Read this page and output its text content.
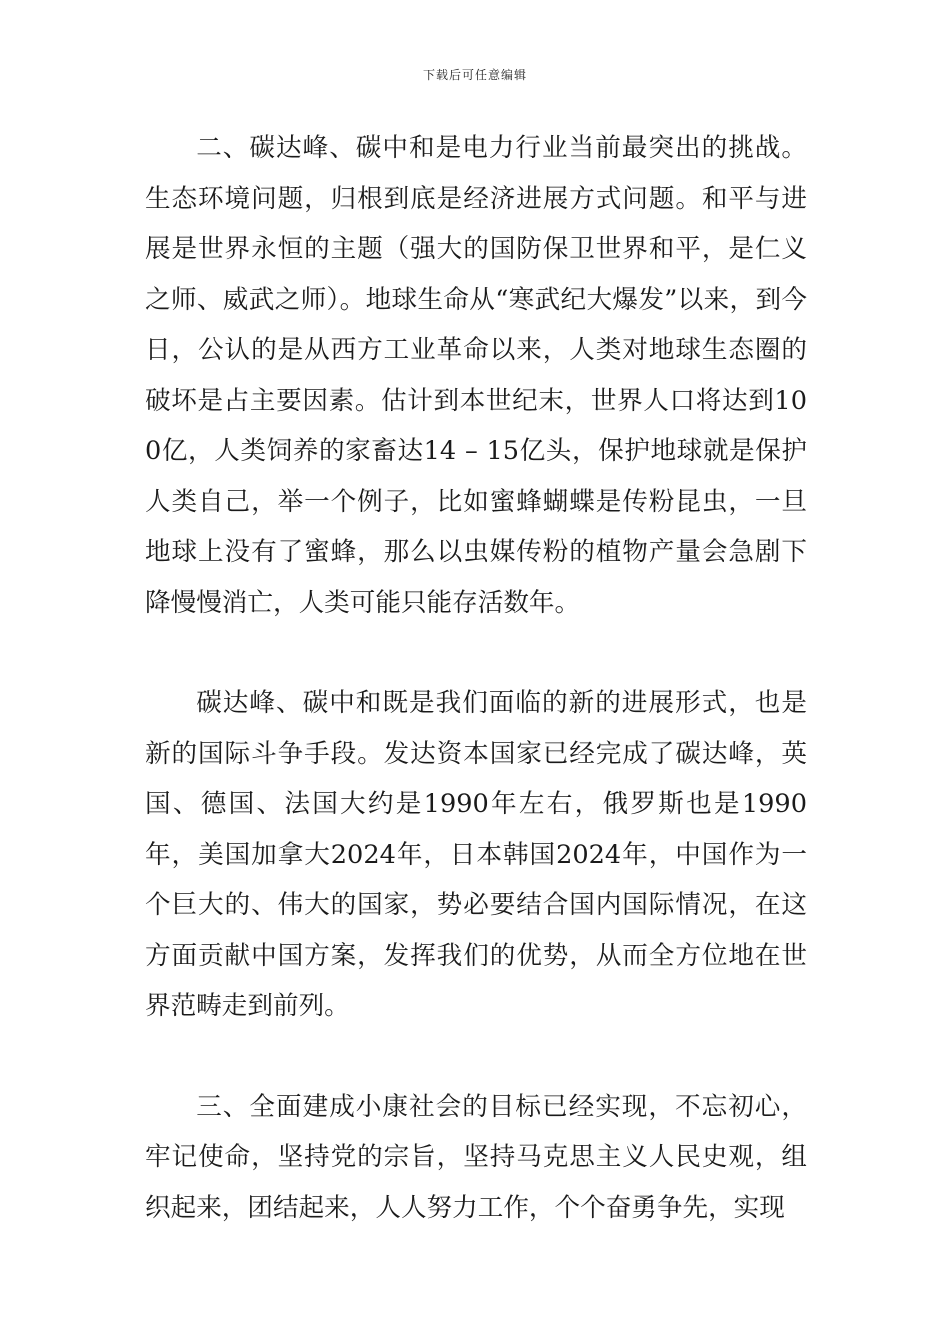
下载后可任意编辑

二、碳达峰、碳中和是电力行业当前最突出的挑战。生态环境问题，归根到底是经济进展方式问题。和平与进展是世界永恒的主题（强大的国防保卫世界和平，是仁义之师、威武之师）。地球生命从“寒武纪大爆发”以来，到今日，公认的是从西方工业革命以来，人类对地球生态圈的破坏是占主要因素。估计到本世纪末，世界人口将达到100亿，人类饲养的家畜达14 – 15亿头，保护地球就是保护人类自己，举一个例子，比如蜜蜂蝴蝶是传粉昆虫，一旦地球上没有了蜜蜂，那么以虫媒传粉的植物产量会急剧下降慢慢消亡，人类可能只能存活数年。

碳达峰、碳中和既是我们面临的新的进展形式，也是新的国际斗争手段。发达资本国家已经完成了碳达峰，英国、德国、法国大约是1990年左右，俄罗斯也是1990年，美国加拿大2024年，日本韩国2024年，中国作为一个巨大的、伟大的国家，势必要结合国内国际情况，在这方面贡献中国方案，发挥我们的优势，从而全方位地在世界范畴走到前列。

三、全面建成小康社会的目标已经实现，不忘初心，牢记使命，坚持党的宗旨，坚持马克思主义人民史观，组织起来，团结起来，人人努力工作，个个奋勇争先，实现
